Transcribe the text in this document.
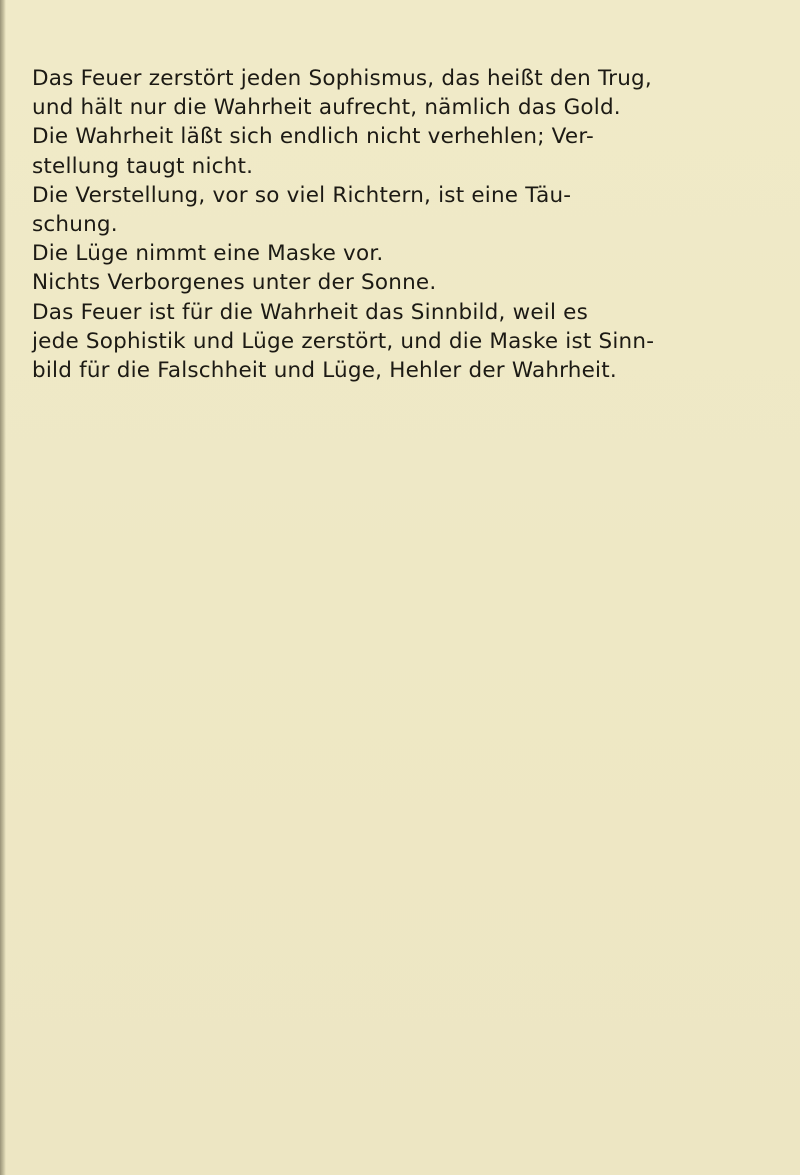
Das Feuer zerstört jeden Sophismus, das heißt den Trug,
und hält nur die Wahrheit aufrecht, nämlich das Gold.
Die Wahrheit läßt sich endlich nicht verhehlen; Ver-
stellung taugt nicht.
Die Verstellung, vor so viel Richtern, ist eine Täu-
schung.
Die Lüge nimmt eine Maske vor.
Nichts Verborgenes unter der Sonne.
Das Feuer ist für die Wahrheit das Sinnbild, weil es
jede Sophistik und Lüge zerstört, und die Maske ist Sinn-
bild für die Falschheit und Lüge, Hehler der Wahrheit.
